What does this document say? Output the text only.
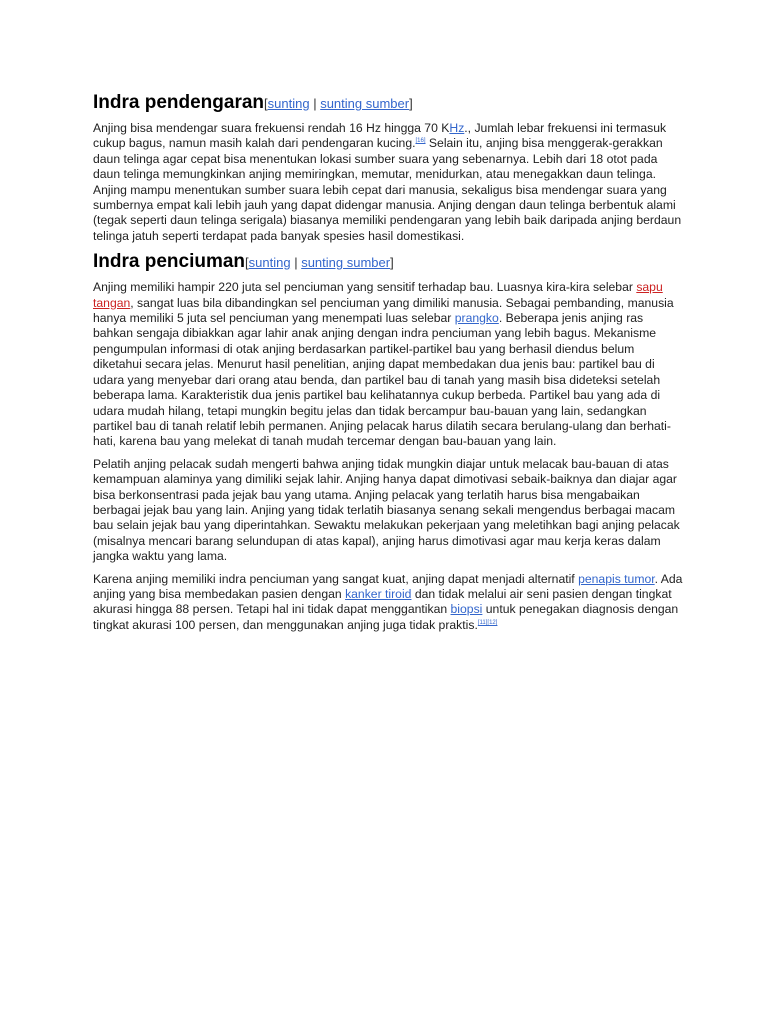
Indra pendengaran[sunting | sunting sumber]

Anjing bisa mendengar suara frekuensi rendah 16 Hz hingga 70 KHz., Jumlah lebar frekuensi ini termasuk cukup bagus, namun masih kalah dari pendengaran kucing.[16] Selain itu, anjing bisa menggerak-gerakkan daun telinga agar cepat bisa menentukan lokasi sumber suara yang sebenarnya. Lebih dari 18 otot pada daun telinga memungkinkan anjing memiringkan, memutar, menidurkan, atau menegakkan daun telinga. Anjing mampu menentukan sumber suara lebih cepat dari manusia, sekaligus bisa mendengar suara yang sumbernya empat kali lebih jauh yang dapat didengar manusia. Anjing dengan daun telinga berbentuk alami (tegak seperti daun telinga serigala) biasanya memiliki pendengaran yang lebih baik daripada anjing berdaun telinga jatuh seperti terdapat pada banyak spesies hasil domestikasi.

Indra penciuman[sunting | sunting sumber]

Anjing memiliki hampir 220 juta sel penciuman yang sensitif terhadap bau. Luasnya kira-kira selebar sapu tangan, sangat luas bila dibandingkan sel penciuman yang dimiliki manusia. Sebagai pembanding, manusia hanya memiliki 5 juta sel penciuman yang menempati luas selebar prangko. Beberapa jenis anjing ras bahkan sengaja dibiakkan agar lahir anak anjing dengan indra penciuman yang lebih bagus. Mekanisme pengumpulan informasi di otak anjing berdasarkan partikel-partikel bau yang berhasil diendus belum diketahui secara jelas. Menurut hasil penelitian, anjing dapat membedakan dua jenis bau: partikel bau di udara yang menyebar dari orang atau benda, dan partikel bau di tanah yang masih bisa dideteksi setelah beberapa lama. Karakteristik dua jenis partikel bau kelihatannya cukup berbeda. Partikel bau yang ada di udara mudah hilang, tetapi mungkin begitu jelas dan tidak bercampur bau-bauan yang lain, sedangkan partikel bau di tanah relatif lebih permanen. Anjing pelacak harus dilatih secara berulang-ulang dan berhati-hati, karena bau yang melekat di tanah mudah tercemar dengan bau-bauan yang lain.

Pelatih anjing pelacak sudah mengerti bahwa anjing tidak mungkin diajar untuk melacak bau-bauan di atas kemampuan alaminya yang dimiliki sejak lahir. Anjing hanya dapat dimotivasi sebaik-baiknya dan diajar agar bisa berkonsentrasi pada jejak bau yang utama. Anjing pelacak yang terlatih harus bisa mengabaikan berbagai jejak bau yang lain. Anjing yang tidak terlatih biasanya senang sekali mengendus berbagai macam bau selain jejak bau yang diperintahkan. Sewaktu melakukan pekerjaan yang meletihkan bagi anjing pelacak (misalnya mencari barang selundupan di atas kapal), anjing harus dimotivasi agar mau kerja keras dalam jangka waktu yang lama.

Karena anjing memiliki indra penciuman yang sangat kuat, anjing dapat menjadi alternatif penapis tumor. Ada anjing yang bisa membedakan pasien dengan kanker tiroid dan tidak melalui air seni pasien dengan tingkat akurasi hingga 88 persen. Tetapi hal ini tidak dapat menggantikan biopsi untuk penegakan diagnosis dengan tingkat akurasi 100 persen, dan menggunakan anjing juga tidak praktis.[11][12]
